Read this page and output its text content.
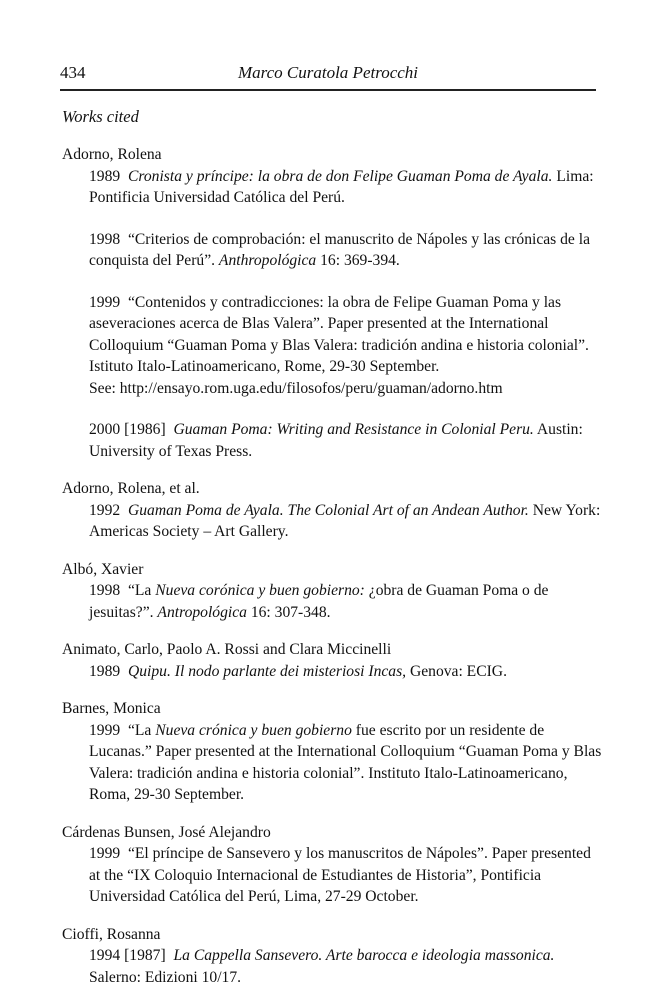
434	Marco Curatola Petrocchi
Works cited
Adorno, Rolena
1989 Cronista y príncipe: la obra de don Felipe Guaman Poma de Ayala. Lima: Pontificia Universidad Católica del Perú.
1998 “Criterios de comprobación: el manuscrito de Nápoles y las crónicas de la conquista del Perú”. Anthropológica 16: 369-394.
1999 “Contenidos y contradicciones: la obra de Felipe Guaman Poma y las aseveraciones acerca de Blas Valera”. Paper presented at the International Colloquium “Guaman Poma y Blas Valera: tradición andina e historia colonial”. Istituto Italo-Latinoamericano, Rome, 29-30 September.
See: http://ensayo.rom.uga.edu/filosofos/peru/guaman/adorno.htm
2000 [1986] Guaman Poma: Writing and Resistance in Colonial Peru. Austin: University of Texas Press.
Adorno, Rolena, et al.
1992 Guaman Poma de Ayala. The Colonial Art of an Andean Author. New York: Americas Society – Art Gallery.
Albó, Xavier
1998 “La Nueva corónica y buen gobierno: ¿obra de Guaman Poma o de jesuitas?”. Antropológica 16: 307-348.
Animato, Carlo, Paolo A. Rossi and Clara Miccinelli
1989 Quipu. Il nodo parlante dei misteriosi Incas, Genova: ECIG.
Barnes, Monica
1999 “La Nueva crónica y buen gobierno fue escrito por un residente de Lucanas.” Paper presented at the International Colloquium “Guaman Poma y Blas Valera: tradición andina e historia colonial”. Instituto Italo-Latinoamericano, Roma, 29-30 September.
Cárdenas Bunsen, José Alejandro
1999 “El príncipe de Sansevero y los manuscritos de Nápoles”. Paper presented at the “IX Coloquio Internacional de Estudiantes de Historia”, Pontificia Universidad Católica del Perú, Lima, 27-29 October.
Cioffi, Rosanna
1994 [1987] La Cappella Sansevero. Arte barocca e ideologia massonica. Salerno: Edizioni 10/17.
